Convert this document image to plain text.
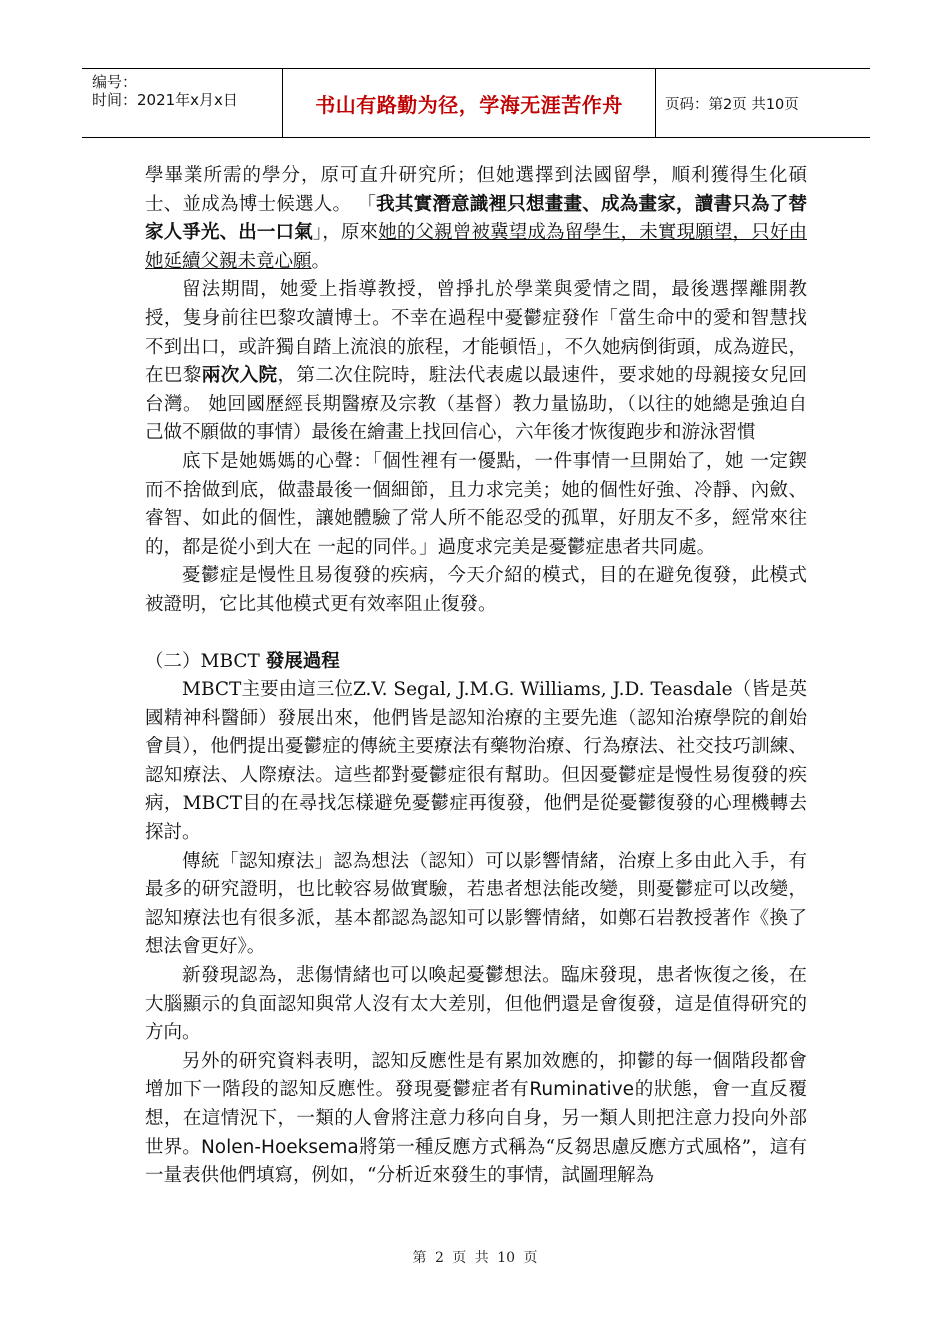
编号：
时间：2021年x月x日	书山有路勤为径，学海无涯苦作舟	页码：第2页 共10页

學畢業所需的學分，原可直升研究所；但她選擇到法國留學，順利獲得生化碩士、並成為博士候選人。 「我其實潛意識裡只想畫畫、成為畫家，讀書只為了替家人爭光、出一口氣」，原來她的父親曾被冀望成為留學生，未實現願望，只好由她延續父親未竟心願。

留法期間，她愛上指導教授，曾掙扎於學業與愛情之間，最後選擇離開教授，隻身前往巴黎攻讀博士。不幸在過程中憂鬱症發作「當生命中的愛和智慧找不到出口，或許獨自踏上流浪的旅程，才能頓悟」，不久她病倒街頭，成為遊民，在巴黎兩次入院，第二次住院時，駐法代表處以最速件，要求她的母親接女兒回台灣。 她回國歷經長期醫療及宗教（基督）教力量協助，（以往的她總是強迫自己做不願做的事情）最後在繪畫上找回信心，六年後才恢復跑步和游泳習慣

底下是她媽媽的心聲：「個性裡有一優點，一件事情一旦開始了，她 一定鍥而不捨做到底，做盡最後一個細節，且力求完美；她的個性好強、冷靜、內斂、睿智、如此的個性，讓她體驗了常人所不能忍受的孤單，好朋友不多，經常來往的，都是從小到大在 一起的同伴。」過度求完美是憂鬱症患者共同處。

憂鬱症是慢性且易復發的疾病，今天介紹的模式，目的在避免復發，此模式被證明，它比其他模式更有效率阻止復發。

（二）MBCT 發展過程

MBCT主要由這三位Z.V. Segal, J.M.G. Williams, J.D. Teasdale（皆是英國精神科醫師）發展出來，他們皆是認知治療的主要先進（認知治療學院的創始會員），他們提出憂鬱症的傳統主要療法有藥物治療、行為療法、社交技巧訓練、認知療法、人際療法。這些都對憂鬱症很有幫助。但因憂鬱症是慢性易復發的疾病，MBCT目的在尋找怎樣避免憂鬱症再復發，他們是從憂鬱復發的心理機轉去探討。

傳統「認知療法」認為想法（認知）可以影響情緒，治療上多由此入手，有最多的研究證明，也比較容易做實驗，若患者想法能改變，則憂鬱症可以改變，認知療法也有很多派，基本都認為認知可以影響情緒，如鄭石岩教授著作《換了想法會更好》。

新發現認為，悲傷情緒也可以喚起憂鬱想法。臨床發現，患者恢復之後，在大腦顯示的負面認知與常人沒有太大差別，但他們還是會復發，這是值得研究的方向。

另外的研究資料表明，認知反應性是有累加效應的，抑鬱的每一個階段都會增加下一階段的認知反應性。發現憂鬱症者有Ruminative的狀態，會一直反覆想，在這情況下，一類的人會將注意力移向自身，另一類人則把注意力投向外部世界。Nolen-Hoeksema將第一種反應方式稱為“反芻思慮反應方式風格”，這有一量表供他們填寫，例如，“分析近來發生的事情，試圖理解為

第 2 页 共 10 页
